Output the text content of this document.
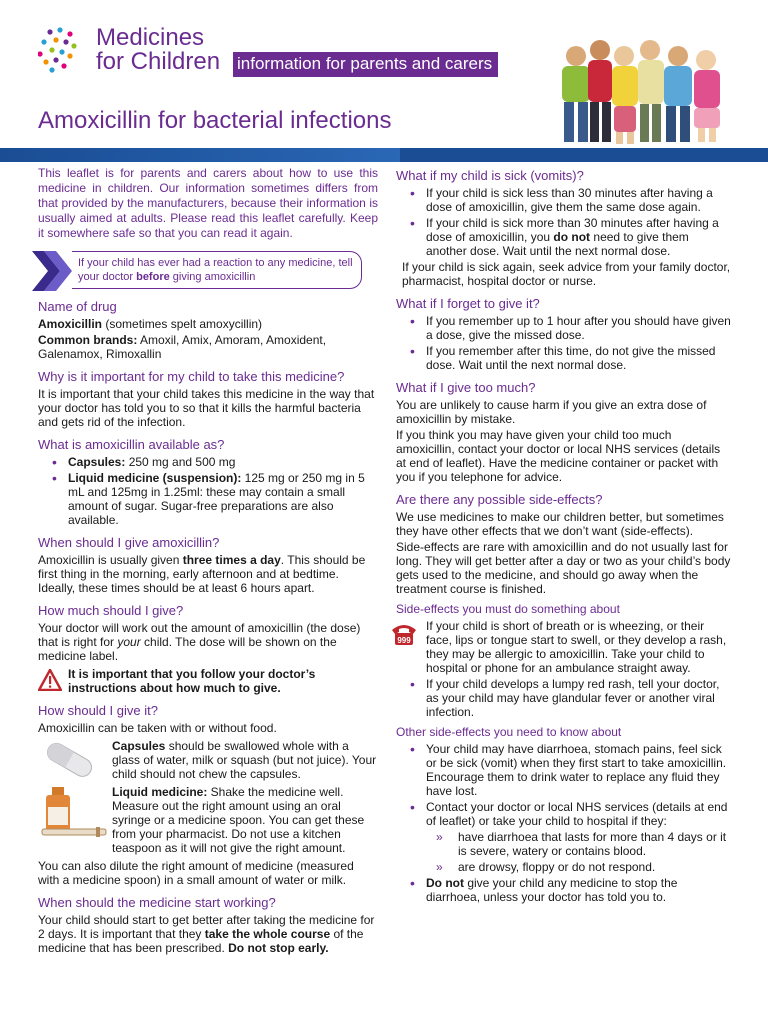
Medicines
for Children information for parents and carers
Amoxicillin for bacterial infections

This leaflet is for parents and carers about how to use this medicine in children. Our information sometimes differs from that provided by the manufacturers, because their information is usually aimed at adults. Please read this leaflet carefully. Keep it somewhere safe so that you can read it again.

If your child has ever had a reaction to any medicine, tell your doctor before giving amoxicillin
Name of drug

Amoxicillin (sometimes spelt amoxycillin)

Common brands: Amoxil, Amix, Amoram, Amoxident, Galenamox, Rimoxallin

Why is it important for my child to take this medicine?

It is important that your child takes this medicine in the way that your doctor has told you to so that it kills the harmful bacteria and gets rid of the infection.

What is amoxicillin available as?
• Capsules: 250 mg and 500 mg
• Liquid medicine (suspension): 125 mg or 250 mg in 5 mL and 125mg in 1.25ml: these may contain a small amount of sugar. Sugar-free preparations are also available.
When should I give amoxicillin?

Amoxicillin is usually given three times a day. This should be first thing in the morning, early afternoon and at bedtime. Ideally, these times should be at least 6 hours apart.

How much should I give?

Your doctor will work out the amount of amoxicillin (the dose) that is right for your child. The dose will be shown on the medicine label.

It is important that you follow your doctor’s instructions about how much to give.
How should I give it?

Amoxicillin can be taken with or without food.

Capsules should be swallowed whole with a glass of water, milk or squash (but not juice). Your child should not chew the capsules.
Liquid medicine: Shake the medicine well. Measure out the right amount using an oral syringe or a medicine spoon. You can get these from your pharmacist. Do not use a kitchen teaspoon as it will not give the right amount.

You can also dilute the right amount of medicine (measured with a medicine spoon) in a small amount of water or milk.

When should the medicine start working?

Your child should start to get better after taking the medicine for 2 days. It is important that they take the whole course of the medicine that has been prescribed. Do not stop early.

What if my child is sick (vomits)?
• If your child is sick less than 30 minutes after having a dose of amoxicillin, give them the same dose again.
• If your child is sick more than 30 minutes after having a dose of amoxicillin, you do not need to give them another dose. Wait until the next normal dose.

If your child is sick again, seek advice from your family doctor, pharmacist, hospital doctor or nurse.

What if I forget to give it?
• If you remember up to 1 hour after you should have given a dose, give the missed dose.
• If you remember after this time, do not give the missed dose. Wait until the next normal dose.
What if I give too much?

You are unlikely to cause harm if you give an extra dose of amoxicillin by mistake.

If you think you may have given your child too much amoxicillin, contact your doctor or local NHS services (details at end of leaflet). Have the medicine container or packet with you if you telephone for advice.

Are there any possible side-effects?

We use medicines to make our children better, but sometimes they have other effects that we don’t want (side-effects).

Side-effects are rare with amoxicillin and do not usually last for long. They will get better after a day or two as your child’s body gets used to the medicine, and should go away when the treatment course is finished.

Side-effects you must do something about
999

If your child is short of breath or is wheezing, or their face, lips or tongue start to swell, or they develop a rash, they may be allergic to amoxicillin. Take your child to hospital or phone for an ambulance straight away.

• If your child develops a lumpy red rash, tell your doctor, as your child may have glandular fever or another viral infection.
Other side-effects you need to know about
• Your child may have diarrhoea, stomach pains, feel sick or be sick (vomit) when they first start to take amoxicillin. Encourage them to drink water to replace any fluid they have lost.
• Contact your doctor or local NHS services (details at end of leaflet) or take your child to hospital if they:
» have diarrhoea that lasts for more than 4 days or it is severe, watery or contains blood.
» are drowsy, floppy or do not respond.
• Do not give your child any medicine to stop the diarrhoea, unless your doctor has told you to.
